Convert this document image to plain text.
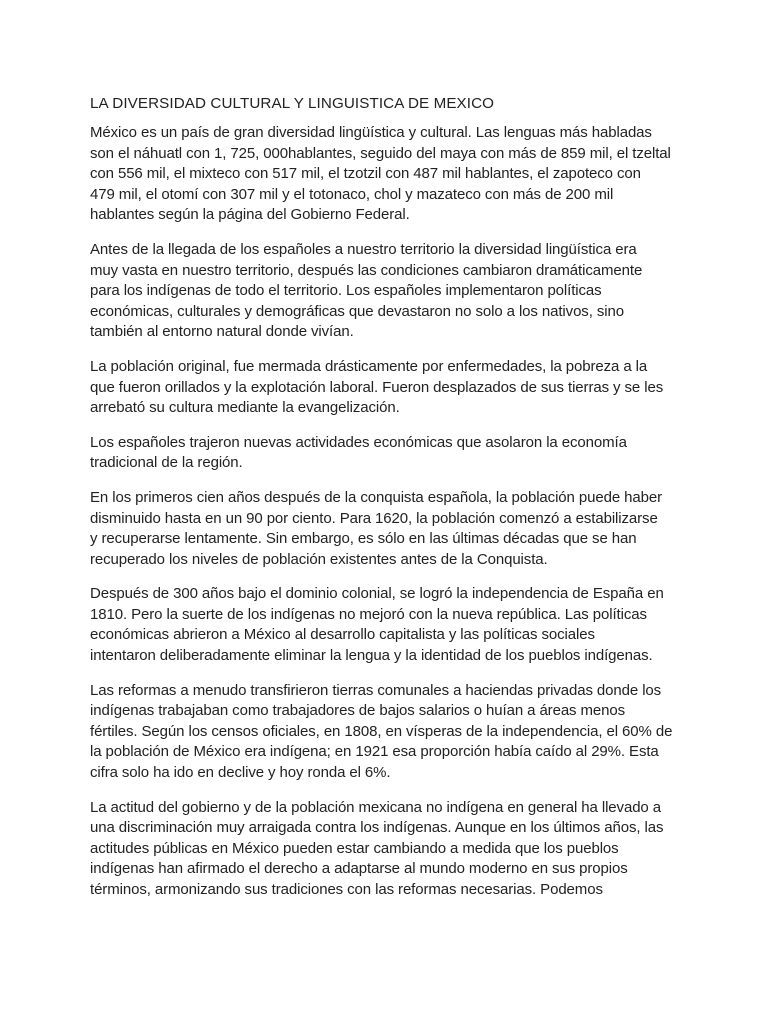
LA DIVERSIDAD CULTURAL Y LINGUISTICA DE MEXICO

México es un país de gran diversidad lingüística y cultural. Las lenguas más habladas
son el náhuatl con 1, 725, 000hablantes, seguido del maya con más de 859 mil, el tzeltal
con 556 mil, el mixteco con 517 mil, el tzotzil con 487 mil hablantes, el zapoteco con
479 mil, el otomí con 307 mil y el totonaco, chol y mazateco con más de 200 mil
hablantes según la página del Gobierno Federal.

Antes de la llegada de los españoles a nuestro territorio la diversidad lingüística era
muy vasta en nuestro territorio, después las condiciones cambiaron dramáticamente
para los indígenas de todo el territorio. Los españoles implementaron políticas
económicas, culturales y demográficas que devastaron no solo a los nativos, sino
también al entorno natural donde vivían.

La población original, fue mermada drásticamente por enfermedades, la pobreza a la
que fueron orillados y la explotación laboral. Fueron desplazados de sus tierras y se les
arrebató su cultura mediante la evangelización.

Los españoles trajeron nuevas actividades económicas que asolaron la economía
tradicional de la región.

En los primeros cien años después de la conquista española, la población puede haber
disminuido hasta en un 90 por ciento. Para 1620, la población comenzó a estabilizarse
y recuperarse lentamente. Sin embargo, es sólo en las últimas décadas que se han
recuperado los niveles de población existentes antes de la Conquista.

Después de 300 años bajo el dominio colonial, se logró la independencia de España en
1810. Pero la suerte de los indígenas no mejoró con la nueva república. Las políticas
económicas abrieron a México al desarrollo capitalista y las políticas sociales
intentaron deliberadamente eliminar la lengua y la identidad de los pueblos indígenas.

Las reformas a menudo transfirieron tierras comunales a haciendas privadas donde los
indígenas trabajaban como trabajadores de bajos salarios o huían a áreas menos
fértiles. Según los censos oficiales, en 1808, en vísperas de la independencia, el 60% de
la población de México era indígena; en 1921 esa proporción había caído al 29%. Esta
cifra solo ha ido en declive y hoy ronda el 6%.

La actitud del gobierno y de la población mexicana no indígena en general ha llevado a
una discriminación muy arraigada contra los indígenas. Aunque en los últimos años, las
actitudes públicas en México pueden estar cambiando a medida que los pueblos
indígenas han afirmado el derecho a adaptarse al mundo moderno en sus propios
términos, armonizando sus tradiciones con las reformas necesarias. Podemos
